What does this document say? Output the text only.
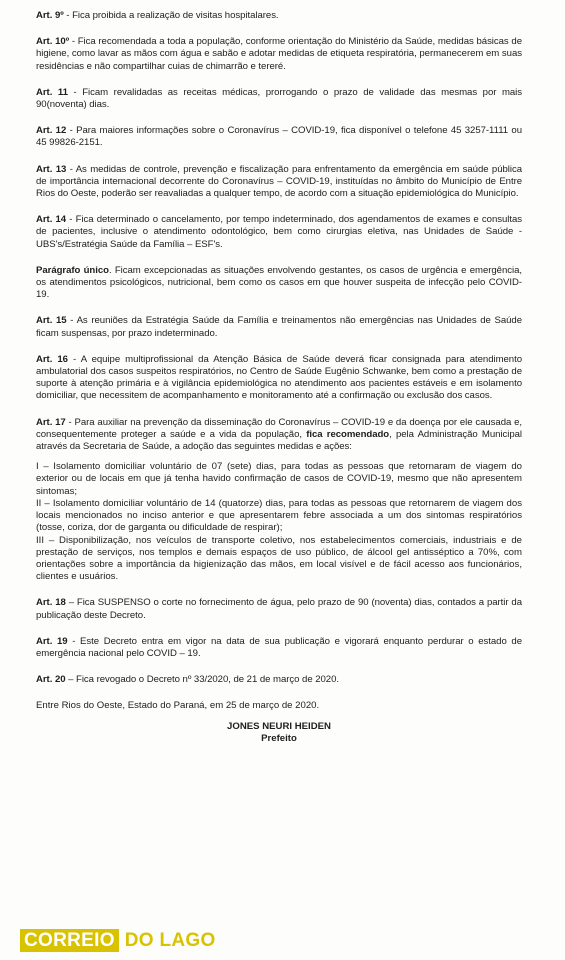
Art. 9º - Fica proibida a realização de visitas hospitalares.

Art. 10º - Fica recomendada a toda a população, conforme orientação do Ministério da Saúde, medidas básicas de higiene, como lavar as mãos com água e sabão e adotar medidas de etiqueta respiratória, permanecerem em suas residências e não compartilhar cuias de chimarrão e tereré.

Art. 11 - Ficam revalidadas as receitas médicas, prorrogando o prazo de validade das mesmas por mais 90(noventa) dias.

Art. 12 - Para maiores informações sobre o Coronavírus – COVID-19, fica disponível o telefone 45 3257-1111 ou 45 99826-2151.

Art. 13 - As medidas de controle, prevenção e fiscalização para enfrentamento da emergência em saúde pública de importância internacional decorrente do Coronavírus – COVID-19, instituídas no âmbito do Município de Entre Rios do Oeste, poderão ser reavaliadas a qualquer tempo, de acordo com a situação epidemiológica do Município.

Art. 14 - Fica determinado o cancelamento, por tempo indeterminado, dos agendamentos de exames e consultas de pacientes, inclusive o atendimento odontológico, bem como cirurgias eletiva, nas Unidades de Saúde - UBS's/Estratégia Saúde da Família – ESF's.

Parágrafo único. Ficam excepcionadas as situações envolvendo gestantes, os casos de urgência e emergência, os atendimentos psicológicos, nutricional, bem como os casos em que houver suspeita de infecção pelo COVID-19.

Art. 15 - As reuniões da Estratégia Saúde da Família e treinamentos não emergências nas Unidades de Saúde ficam suspensas, por prazo indeterminado.

Art. 16 - A equipe multiprofissional da Atenção Básica de Saúde deverá ficar consignada para atendimento ambulatorial dos casos suspeitos respiratórios, no Centro de Saúde Eugênio Schwanke, bem como a prestação de suporte à atenção primária e à vigilância epidemiológica no atendimento aos pacientes estáveis e em isolamento domiciliar, que necessitem de acompanhamento e monitoramento até a confirmação ou exclusão dos casos.

Art. 17 - Para auxiliar na prevenção da disseminação do Coronavírus – COVID-19 e da doença por ele causada e, consequentemente proteger a saúde e a vida da população, fica recomendado, pela Administração Municipal através da Secretaria de Saúde, a adoção das seguintes medidas e ações:

I – Isolamento domiciliar voluntário de 07 (sete) dias, para todas as pessoas que retornaram de viagem do exterior ou de locais em que já tenha havido confirmação de casos de COVID-19, mesmo que não apresentem sintomas;

II – Isolamento domiciliar voluntário de 14 (quatorze) dias, para todas as pessoas que retornarem de viagem dos locais mencionados no inciso anterior e que apresentarem febre associada a um dos sintomas respiratórios (tosse, coriza, dor de garganta ou dificuldade de respirar);

III – Disponibilização, nos veículos de transporte coletivo, nos estabelecimentos comerciais, industriais e de prestação de serviços, nos templos e demais espaços de uso público, de álcool gel antisséptico a 70%, com orientações sobre a importância da higienização das mãos, em local visível e de fácil acesso aos funcionários, clientes e usuários.

Art. 18 – Fica SUSPENSO o corte no fornecimento de água, pelo prazo de 90 (noventa) dias, contados a partir da publicação deste Decreto.

Art. 19 - Este Decreto entra em vigor na data de sua publicação e vigorará enquanto perdurar o estado de emergência nacional pelo COVID – 19.

Art. 20 – Fica revogado o Decreto nº 33/2020, de 21 de março de 2020.

Entre Rios do Oeste, Estado do Paraná, em 25 de março de 2020.

JONES NEURI HEIDEN
Prefeito
CORREIO DO LAGO
